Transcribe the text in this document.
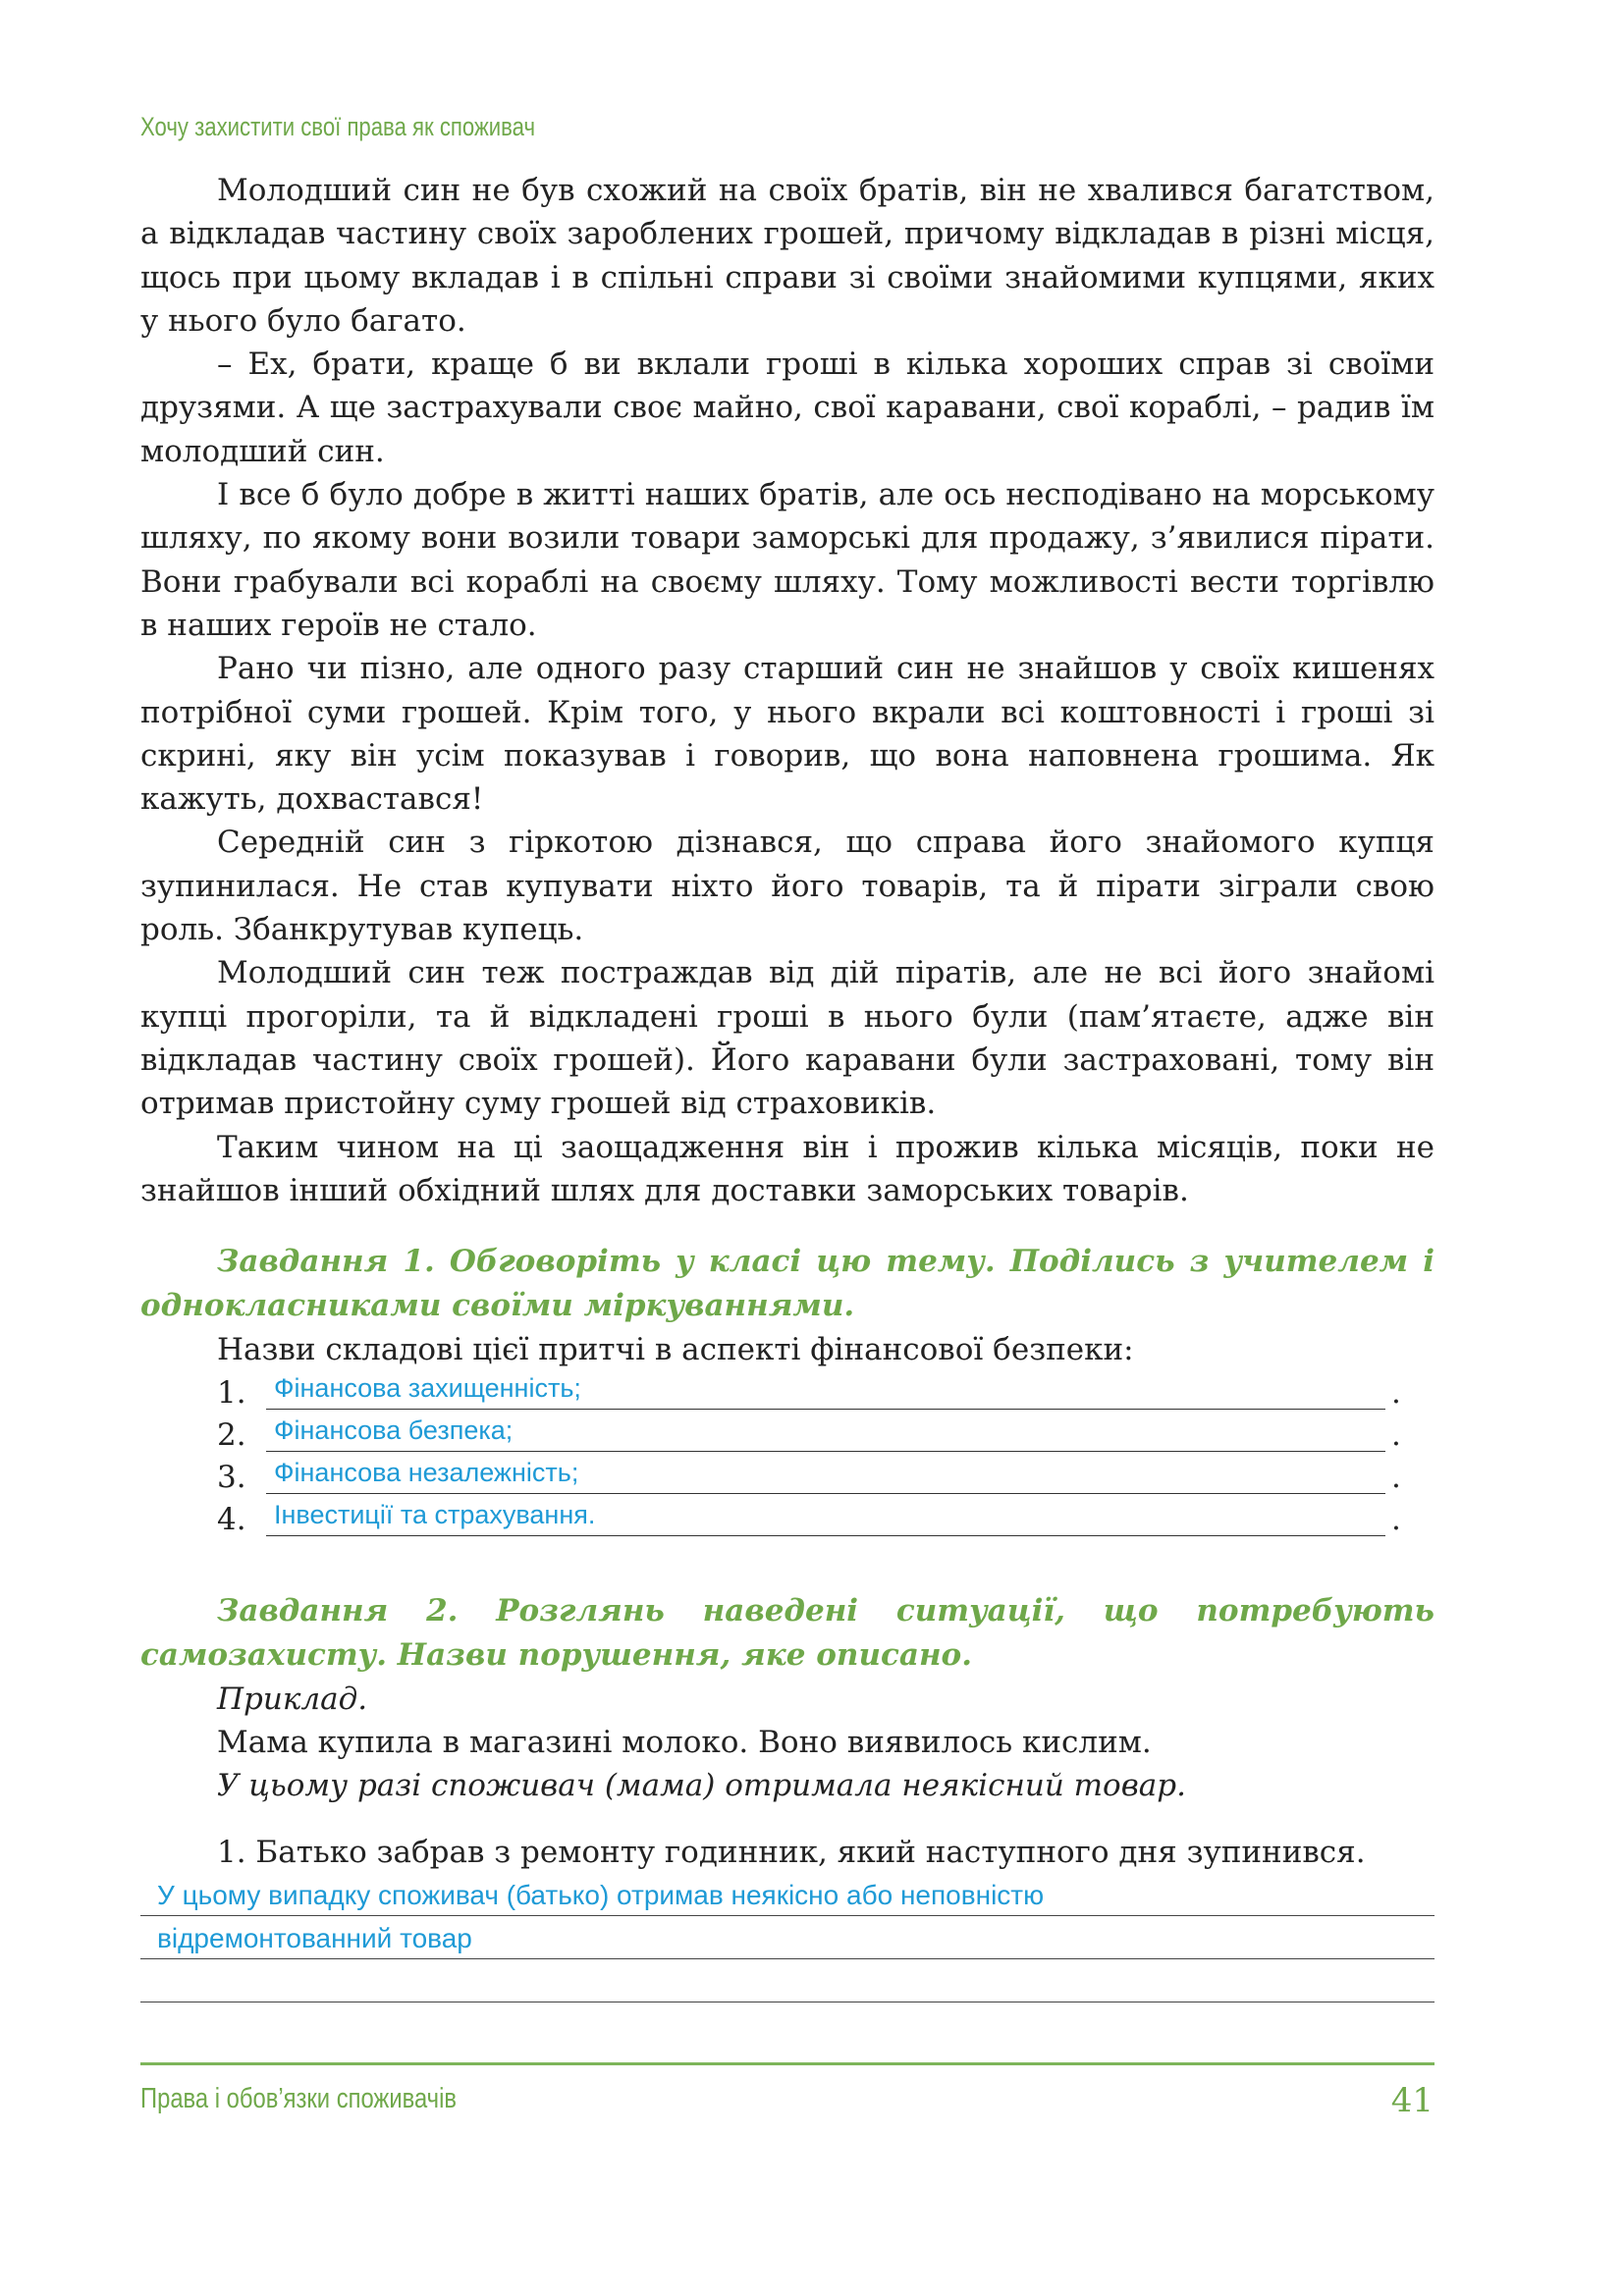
Хочу захистити свої права як споживач

Молодший син не був схожий на своїх братів, він не хвалився багатством, а відкладав частину своїх зароблених грошей, причому відкладав в різні місця, щось при цьому вкладав і в спільні справи зі своїми знайомими купцями, яких у нього було багато.

– Ех, брати, краще б ви вклали гроші в кілька хороших справ зі своїми друзями. А ще застрахували своє майно, свої каравани, свої кораблі, – радив їм молодший син.

І все б було добре в житті наших братів, але ось несподівано на морському шляху, по якому вони возили товари заморські для продажу, з’явилися пірати. Вони грабували всі кораблі на своєму шляху. Тому можливості вести торгівлю в наших героїв не стало.

Рано чи пізно, але одного разу старший син не знайшов у своїх кишенях потрібної суми грошей. Крім того, у нього вкрали всі коштовності і гроші зі скрині, яку він усім показував і говорив, що вона наповнена грошима. Як кажуть, дохвастався!

Середній син з гіркотою дізнався, що справа його знайомого купця зупинилася. Не став купувати ніхто його товарів, та й пірати зіграли свою роль. Збанкрутував купець.

Молодший син теж постраждав від дій піратів, але не всі його знайомі купці прогоріли, та й відкладені гроші в нього були (пам’ятаєте, адже він відкладав частину своїх грошей). Його каравани були застраховані, тому він отримав пристойну суму грошей від страховиків.

Таким чином на ці заощадження він і прожив кілька місяців, поки не знайшов інший обхідний шлях для доставки заморських товарів.

Завдання 1. Обговоріть у класі цю тему. Поділись з учителем і однокласниками своїми міркуваннями.

Назви складові цієї притчі в аспекті фінансової безпеки:

1. Фінансова захищенність;	.
2. Фінансова безпека;	.
3. Фінансова незалежність;	.
4. Інвестиції та страхування.	.

Завдання 2. Розглянь наведені ситуації, що потребують самозахисту. Назви порушення, яке описано.

Приклад.

Мама купила в магазині молоко. Воно виявилось кислим.

У цьому разі споживач (мама) отримала неякісний товар.

1. Батько забрав з ремонту годинник, який наступного дня зупинився.

У цьому випадку споживач (батько) отримав неякісно або неповністю
відремонтованний товар
Права і обов’язки споживачів	41
